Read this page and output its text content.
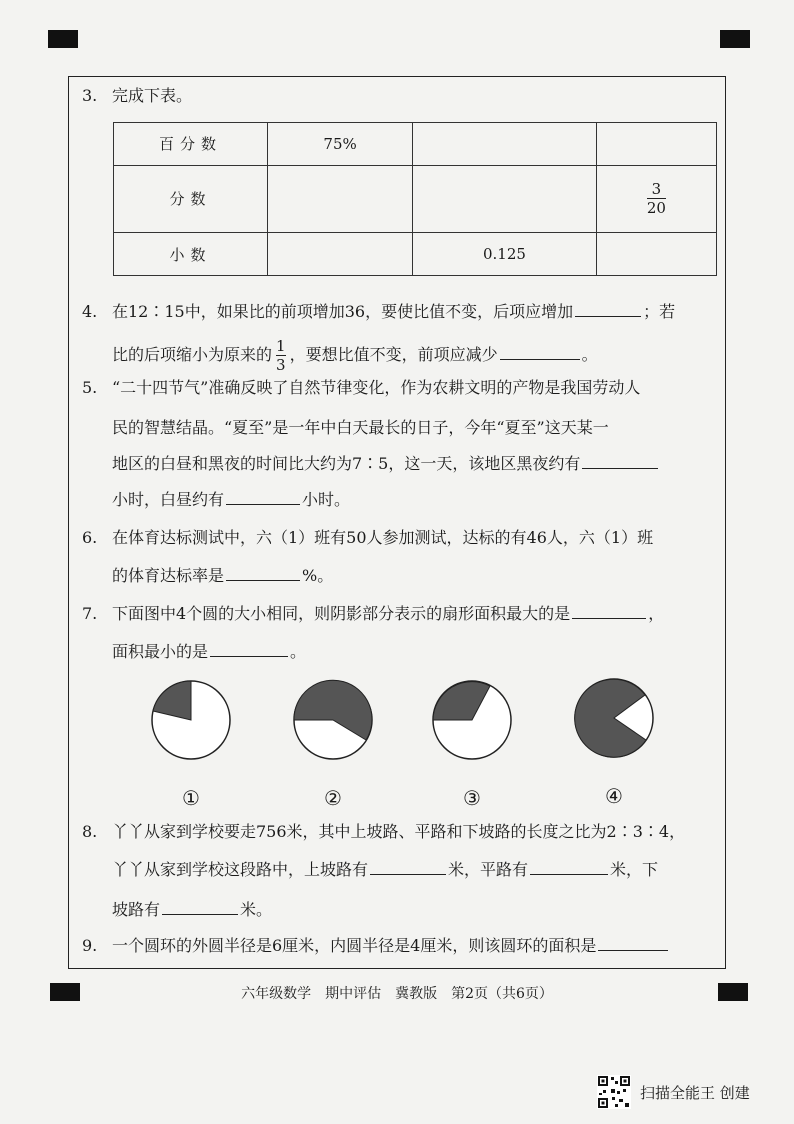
3. 完成下表。
百分数	75%		
分数			$\frac{3}{20}$

小数		0.125	
4. 在12∶15中，如果比的前项增加36，要使比值不变，后项应增加	；若
比的后项缩小为原来的 $\frac{1}{3}$ ，要想比值不变，前项应减少	。
5. “二十四节气”准确反映了自然节律变化，作为农耕文明的产物是我国劳动人
民的智慧结晶。“夏至”是一年中白天最长的日子，今年“夏至”这天某一
地区的白昼和黑夜的时间比大约为7∶5，这一天，该地区黑夜约有
小时，白昼约有	小时。
6. 在体育达标测试中，六（1）班有50人参加测试，达标的有46人，六（1）班
的体育达标率是	%。
7. 下面图中4个圆的大小相同，则阴影部分表示的扇形面积最大的是	，
面积最小的是	。
①	②	③	④
8. 丫丫从家到学校要走756米，其中上坡路、平路和下坡路的长度之比为2∶3∶4，
丫丫从家到学校这段路中，上坡路有	米，平路有	米，下
坡路有	米。
9. 一个圆环的外圆半径是6厘米，内圆半径是4厘米，则该圆环的面积是
六年级数学　期中评估　冀教版　第2页（共6页）
扫描全能王 创建
